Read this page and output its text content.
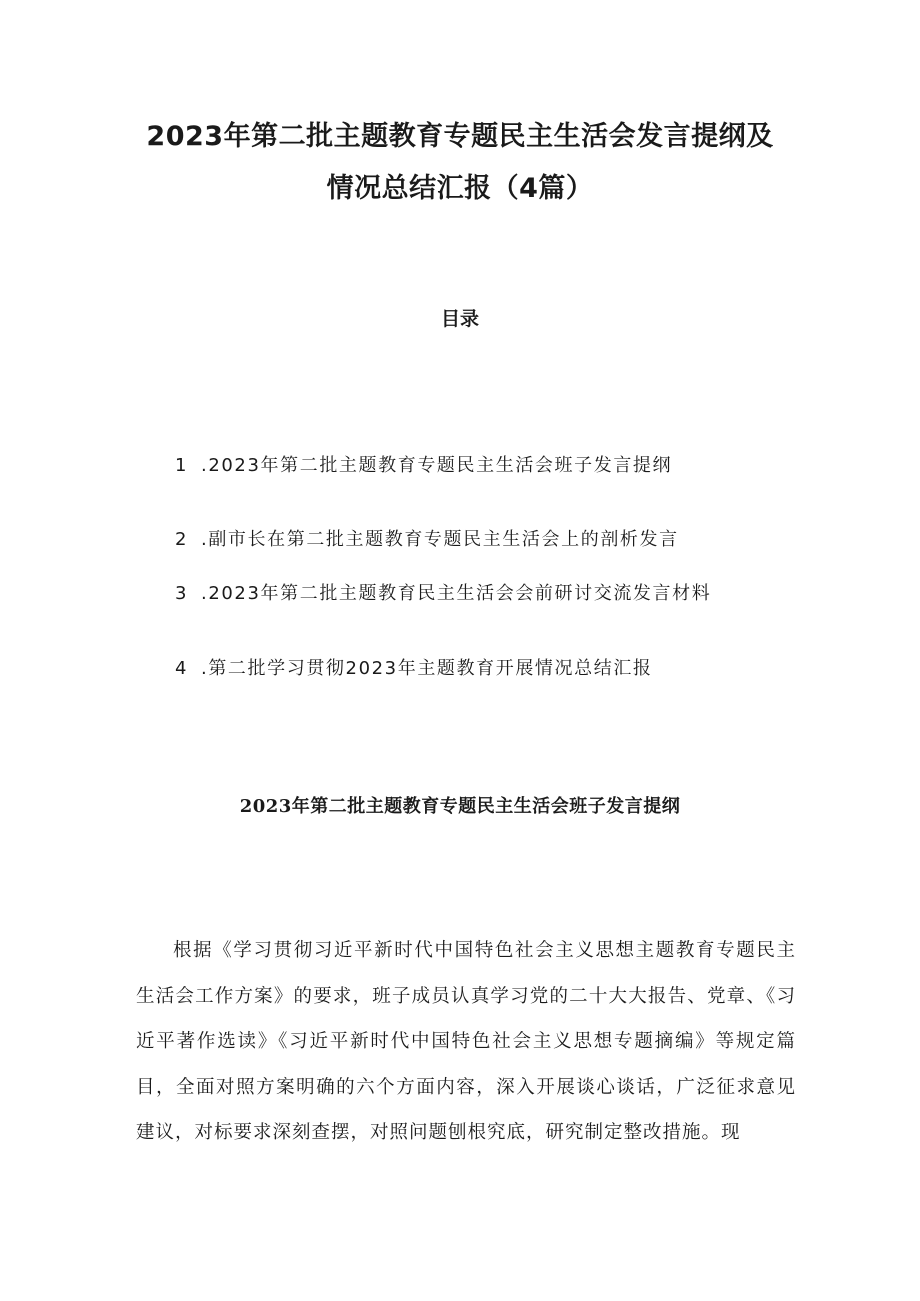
2023年第二批主题教育专题民主生活会发言提纲及
情况总结汇报（4篇）
目录
1 .2023年第二批主题教育专题民主生活会班子发言提纲
2 .副市长在第二批主题教育专题民主生活会上的剖析发言
3 .2023年第二批主题教育民主生活会会前研讨交流发言材料
4 .第二批学习贯彻2023年主题教育开展情况总结汇报
2023年第二批主题教育专题民主生活会班子发言提纲

根据《学习贯彻习近平新时代中国特色社会主义思想主题教育专题民主生活会工作方案》的要求，班子成员认真学习党的二十大大报告、党章、《习近平著作选读》《习近平新时代中国特色社会主义思想专题摘编》等规定篇目，全面对照方案明确的六个方面内容，深入开展谈心谈话，广泛征求意见建议，对标要求深刻查摆，对照问题刨根究底，研究制定整改措施。现
